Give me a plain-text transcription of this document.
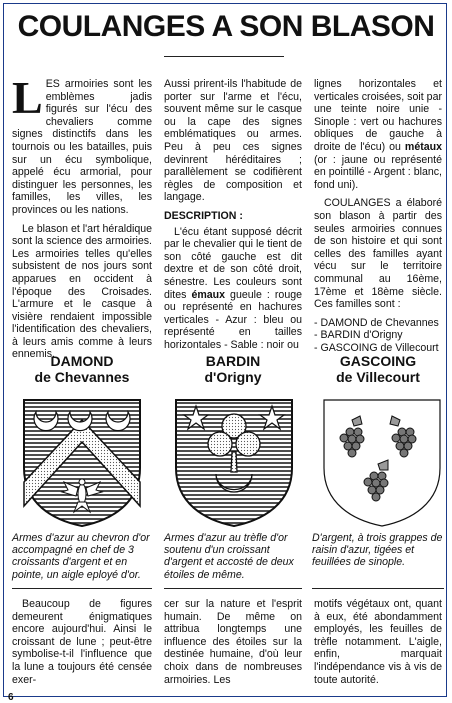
COULANGES A SON BLASON

LES armoiries sont les emblèmes jadis figurés sur l'écu des chevaliers comme signes distinctifs dans les tournois ou les batailles, puis sur un écu symbolique, appelé écu armorial, pour distinguer les personnes, les familles, les villes, les provinces ou les nations.

Le blason et l'art héraldique sont la science des armoiries. Les armoiries telles qu'elles subsistent de nos jours sont apparues en occident à l'époque des Croisades. L'armure et le casque à visière rendaient impossible l'identification des chevaliers, à leurs amis comme à leurs ennemis.

Aussi prirent-ils l'habitude de porter sur l'arme et l'écu, souvent même sur le casque ou la cape des signes emblématiques ou armes. Peu à peu ces signes devinrent héréditaires ; parallèlement se codifièrent règles de composition et langage.

DESCRIPTION :

L'écu étant supposé décrit par le chevalier qui le tient de son côté gauche est dit dextre et de son côté droit, sénestre. Les couleurs sont dites émaux gueule : rouge ou représenté en hachures verticales - Azur : bleu ou représenté en tailles horizontales - Sable : noir ou

lignes horizontales et verticales croisées, soit par une teinte noire unie - Sinople : vert ou hachures obliques de gauche à droite de l'écu) ou métaux (or : jaune ou représenté en pointillé - Argent : blanc, fond uni).

COULANGES a élaboré son blason à partir des seules armoiries connues de son histoire et qui sont celles des familles ayant vécu sur le territoire communal au 16ème, 17ème et 18ème siècle. Ces familles sont :

- DAMOND de Chevannes
- BARDIN d'Origny
- GASCOING de Villecourt
DAMOND
de Chevannes
BARDIN
d'Origny
GASCOING
de Villecourt
Armes d'azur au chevron d'or accompagné en chef de 3 croissants d'argent et en pointe, un aigle eployé d'or.
Armes d'azur au trèfle d'or soutenu d'un croissant d'argent et accosté de deux étoiles de même.
D'argent, à trois grappes de raisin d'azur, tigées et feuillées de sinople.

Beaucoup de figures demeurent énigmatiques encore aujourd'hui. Ainsi le croissant de lune ; peut-être symbolise-t-il l'influence que la lune a toujours été censée exer-

cer sur la nature et l'esprit humain. De même on attribua longtemps une influence des étoiles sur la destinée humaine, d'où leur choix dans de nombreuses armoiries. Les

motifs végétaux ont, quant à eux, été abondamment employés, les feuilles de trèfle notamment. L'aigle, enfin, marquait l'indépendance vis à vis de toute autorité.

6
